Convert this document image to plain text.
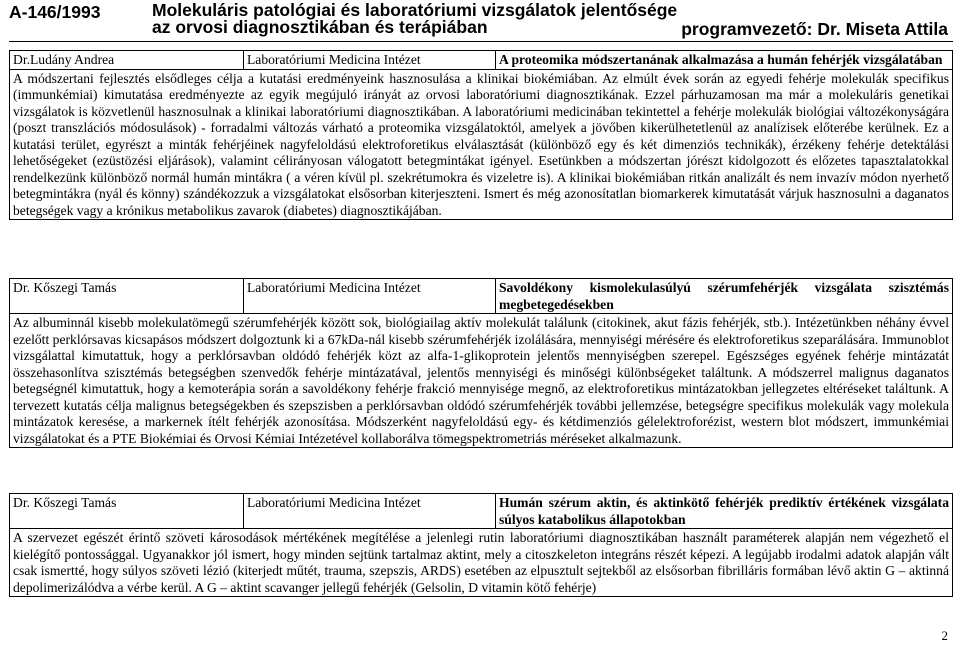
A-146/1993	Molekuláris patológiai és laboratóriumi vizsgálatok jelentősége
az orvosi diagnosztikában és terápiában	programvezető: Dr. Miseta Attila
Dr.Ludány Andrea	Laboratóriumi Medicina Intézet	A proteomika módszertanának alkalmazása a humán fehérjék vizsgálatában
A módszertani fejlesztés elsődleges célja a kutatási eredményeink hasznosulása a klinikai biokémiában. Az elmúlt évek során az egyedi fehérje molekulák specifikus (immunkémiai) kimutatása eredményezte az egyik megújuló irányát az orvosi laboratóriumi diagnosztikának. Ezzel párhuzamosan ma már a molekuláris genetikai vizsgálatok is közvetlenül hasznosulnak a klinikai laboratóriumi diagnosztikában. A laboratóriumi medicinában tekintettel a fehérje molekulák biológiai változékonyságára (poszt transzlációs módosulások) - forradalmi változás várható a proteomika vizsgálatoktól, amelyek a jövőben kikerülhetetlenül az analízisek előterébe kerülnek. Ez a kutatási terület, egyrészt a minták fehérjéinek nagyfeloldású elektroforetikus elválasztását (különböző egy és két dimenziós technikák), érzékeny fehérje detektálási lehetőségeket (ezüstözési eljárások), valamint célirányosan válogatott betegmintákat igényel. Esetünkben a módszertan jórészt kidolgozott és előzetes tapasztalatokkal rendelkezünk különböző normál humán mintákra ( a véren kívül pl. szekrétumokra és vizeletre is). A klinikai biokémiában ritkán analizált és nem invazív módon nyerhető betegmintákra (nyál és könny) szándékozzuk a vizsgálatokat elsősorban kiterjeszteni. Ismert és még azonosítatlan biomarkerek kimutatását várjuk hasznosulni a daganatos betegségek vagy a krónikus metabolikus zavarok (diabetes) diagnosztikájában.
Dr. Kőszegi Tamás	Laboratóriumi Medicina Intézet	Savoldékony kismolekulasúlyú szérumfehérjék vizsgálata szisztémás megbetegedésekben
Az albuminnál kisebb molekulatömegű szérumfehérjék között sok, biológiailag aktív molekulát találunk (citokinek, akut fázis fehérjék, stb.). Intézetünkben néhány évvel ezelőtt perklórsavas kicsapásos módszert dolgoztunk ki a 67kDa-nál kisebb szérumfehérjék izolálására, mennyiségi mérésére és elektroforetikus szeparálására. Immunoblot vizsgálattal kimutattuk, hogy a perklórsavban oldódó fehérjék közt az alfa-1-glikoprotein jelentős mennyiségben szerepel. Egészséges egyének fehérje mintázatát összehasonlítva szisztémás betegségben szenvedők fehérje mintázatával, jelentős mennyiségi és minőségi különbségeket találtunk. A módszerrel malignus daganatos betegségnél kimutattuk, hogy a kemoterápia során a savoldékony fehérje frakció mennyisége megnő, az elektroforetikus mintázatokban jellegzetes eltéréseket találtunk. A tervezett kutatás célja malignus betegségekben és szepszisben a perklórsavban oldódó szérumfehérjék további jellemzése, betegségre specifikus molekulák vagy molekula mintázatok keresése, a markernek ítélt fehérjék azonosítása. Módszerként nagyfeloldású egy- és kétdimenziós gélelektroforézist, western blot módszert, immunkémiai vizsgálatokat és a PTE Biokémiai és Orvosi Kémiai Intézetével kollaborálva tömegspektrometriás méréseket alkalmazunk.
Dr. Kőszegi Tamás	Laboratóriumi Medicina Intézet	Humán szérum aktin, és aktinkötő fehérjék prediktív értékének vizsgálata súlyos katabolikus állapotokban
A szervezet egészét érintő szöveti károsodások mértékének megítélése a jelenlegi rutin laboratóriumi diagnosztikában használt paraméterek alapján nem végezhető el kielégítő pontossággal. Ugyanakkor jól ismert, hogy minden sejtünk tartalmaz aktint, mely a citoszkeleton integráns részét képezi. A legújabb irodalmi adatok alapján vált csak ismertté, hogy súlyos szöveti lézió (kiterjedt műtét, trauma, szepszis, ARDS) esetében az elpusztult sejtekből az elsősorban fibrilláris formában lévő aktin G – aktinná depolimerizálódva a vérbe kerül. A G – aktint scavanger jellegű fehérjék (Gelsolin, D vitamin kötő fehérje)
2
